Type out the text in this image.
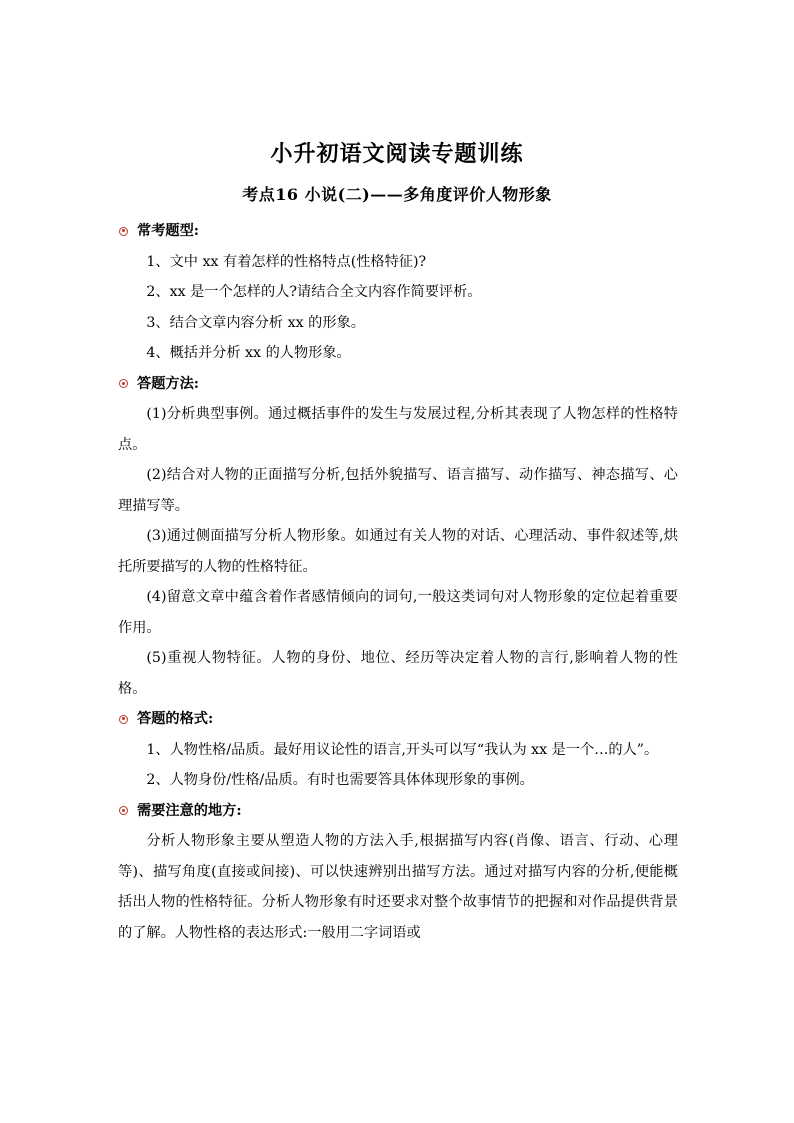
小升初语文阅读专题训练
考点16 小说(二)——多角度评价人物形象
常考题型:

1、文中 xx 有着怎样的性格特点(性格特征)?

2、xx 是一个怎样的人?请结合全文内容作简要评析。

3、结合文章内容分析 xx 的形象。

4、概括并分析 xx 的人物形象。

答题方法:

(1)分析典型事例。通过概括事件的发生与发展过程,分析其表现了人物怎样的性格特点。

(2)结合对人物的正面描写分析,包括外貌描写、语言描写、动作描写、神态描写、心理描写等。

(3)通过侧面描写分析人物形象。如通过有关人物的对话、心理活动、事件叙述等,烘托所要描写的人物的性格特征。

(4)留意文章中蕴含着作者感情倾向的词句,一般这类词句对人物形象的定位起着重要作用。

(5)重视人物特征。人物的身份、地位、经历等决定着人物的言行,影响着人物的性格。

答题的格式:

1、人物性格/品质。最好用议论性的语言,开头可以写“我认为 xx 是一个…的人”。

2、人物身份/性格/品质。有时也需要答具体体现形象的事例。

需要注意的地方:

分析人物形象主要从塑造人物的方法入手,根据描写内容(肖像、语言、行动、心理等)、描写角度(直接或间接)、可以快速辨别出描写方法。通过对描写内容的分析,便能概括出人物的性格特征。分析人物形象有时还要求对整个故事情节的把握和对作品提供背景的了解。人物性格的表达形式:一般用二字词语或
